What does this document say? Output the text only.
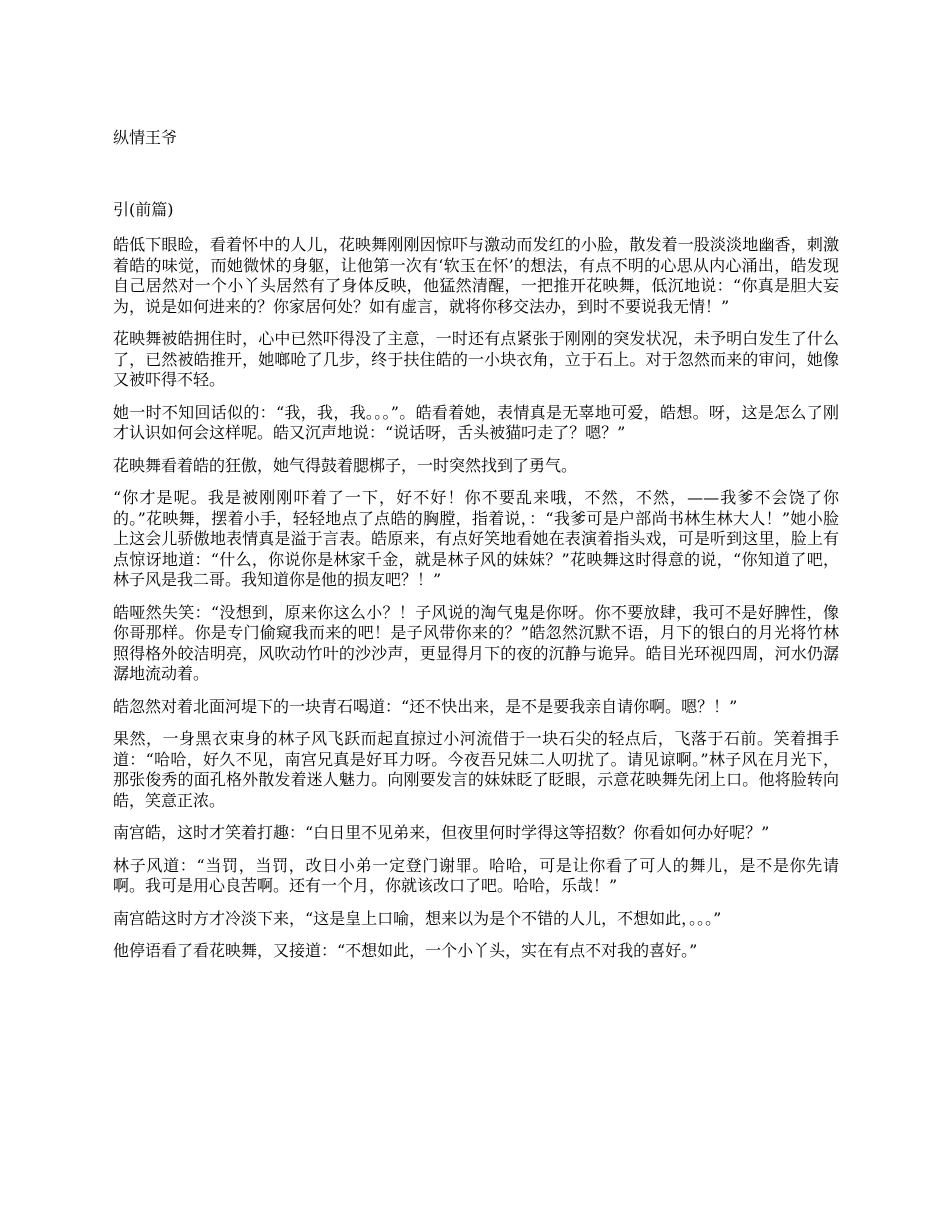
纵情王爷
引(前篇)

皓低下眼睑，看着怀中的人儿，花映舞刚刚因惊吓与激动而发红的小脸，散发着一股淡淡地幽香，刺激着皓的味觉，而她微怵的身躯，让他第一次有‘软玉在怀’的想法，有点不明的心思从内心涌出，皓发现自己居然对一个小丫头居然有了身体反映，他猛然清醒，一把推开花映舞，低沉地说：“你真是胆大妄为，说是如何进来的？你家居何处？如有虚言，就将你移交法办，到时不要说我无情！”

花映舞被皓拥住时，心中已然吓得没了主意，一时还有点紧张于刚刚的突发状况，未予明白发生了什么了，已然被皓推开，她啷呛了几步，终于扶住皓的一小块衣角，立于石上。对于忽然而来的审问，她像又被吓得不轻。

她一时不知回话似的：“我，我，我。。。”。皓看着她，表情真是无辜地可爱，皓想。呀，这是怎么了刚才认识如何会这样呢。皓又沉声地说：“说话呀，舌头被猫叼走了？嗯？”

花映舞看着皓的狂傲，她气得鼓着腮梆子，一时突然找到了勇气。

“你才是呢。我是被刚刚吓着了一下，好不好！你不要乱来哦，不然，不然，——我爹不会饶了你的。”花映舞，摆着小手，轻轻地点了点皓的胸膛，指着说，：“我爹可是户部尚书林生林大人！”她小脸上这会儿骄傲地表情真是溢于言表。皓原来，有点好笑地看她在表演着指头戏，可是听到这里，脸上有点惊讶地道：“什么，你说你是林家千金，就是林子风的妹妹？”花映舞这时得意的说，“你知道了吧，林子风是我二哥。我知道你是他的损友吧？！”

皓哑然失笑：“没想到，原来你这么小？！子风说的淘气鬼是你呀。你不要放肆，我可不是好脾性，像你哥那样。你是专门偷窥我而来的吧！是子风带你来的？”皓忽然沉默不语，月下的银白的月光将竹林照得格外皎洁明亮，风吹动竹叶的沙沙声，更显得月下的夜的沉静与诡异。皓目光环视四周，河水仍潺潺地流动着。

皓忽然对着北面河堤下的一块青石喝道：“还不快出来，是不是要我亲自请你啊。嗯？！”

果然，一身黑衣束身的林子风飞跃而起直掠过小河流借于一块石尖的轻点后，飞落于石前。笑着揖手道：“哈哈，好久不见，南宫兄真是好耳力呀。今夜吾兄妹二人叨扰了。请见谅啊。”林子风在月光下，那张俊秀的面孔格外散发着迷人魅力。向刚要发言的妹妹眨了眨眼，示意花映舞先闭上口。他将脸转向皓，笑意正浓。

南宫皓，这时才笑着打趣：“白日里不见弟来，但夜里何时学得这等招数？你看如何办好呢？”

林子风道：“当罚，当罚，改日小弟一定登门谢罪。哈哈，可是让你看了可人的舞儿，是不是你先请啊。我可是用心良苦啊。还有一个月，你就该改口了吧。哈哈，乐哉！”

南宫皓这时方才冷淡下来，“这是皇上口喻，想来以为是个不错的人儿，不想如此，。。。”

他停语看了看花映舞，又接道：“不想如此，一个小丫头，实在有点不对我的喜好。”
